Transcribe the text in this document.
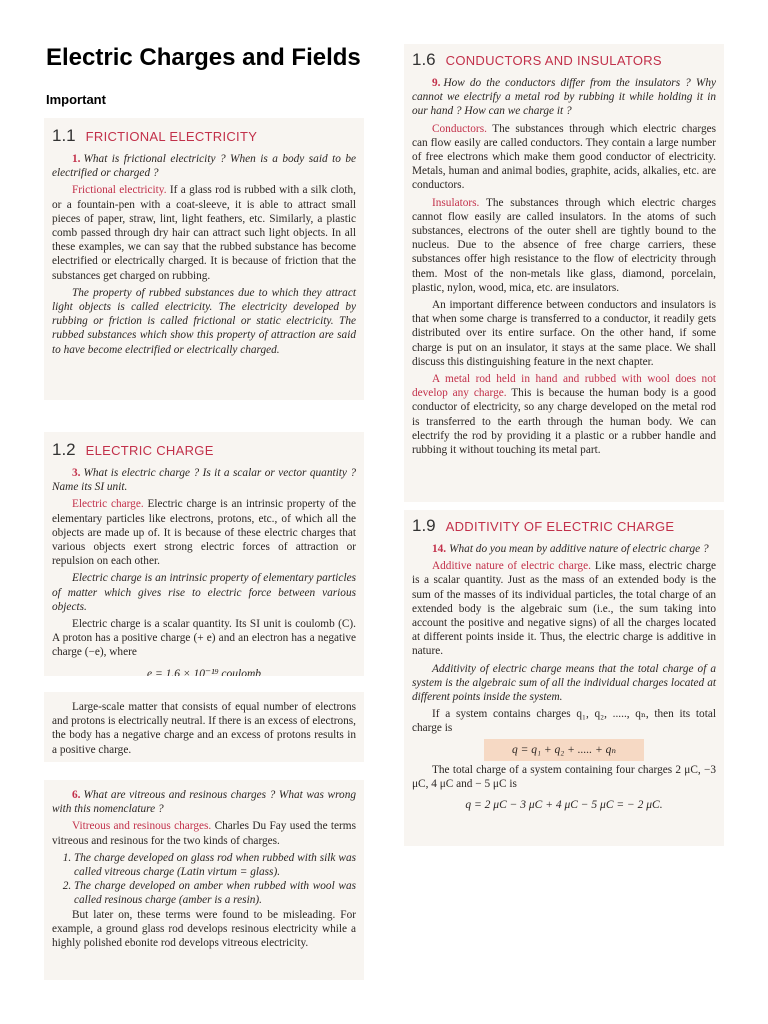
Electric Charges and Fields
Important
1.1 FRICTIONAL ELECTRICITY

1. What is frictional electricity ? When is a body said to be electrified or charged ?

Frictional electricity. If a glass rod is rubbed with a silk cloth, or a fountain-pen with a coat-sleeve, it is able to attract small pieces of paper, straw, lint, light feathers, etc. Similarly, a plastic comb passed through dry hair can attract such light objects. In all these examples, we can say that the rubbed substance has become electrified or electrically charged. It is because of friction that the substances get charged on rubbing.

The property of rubbed substances due to which they attract light objects is called electricity. The electricity developed by rubbing or friction is called frictional or static electricity. The rubbed substances which show this property of attraction are said to have become electrified or electrically charged.

1.2 ELECTRIC CHARGE

3. What is electric charge ? Is it a scalar or vector quantity ? Name its SI unit.

Electric charge. Electric charge is an intrinsic property of the elementary particles like electrons, protons, etc., of which all the objects are made up of. It is because of these electric charges that various objects exert strong electric forces of attraction or repulsion on each other.

Electric charge is an intrinsic property of elementary particles of matter which gives rise to electric force between various objects.

Electric charge is a scalar quantity. Its SI unit is coulomb (C). A proton has a positive charge (+ e) and an electron has a negative charge (−e), where

e = 1.6 × 10⁻¹⁹ coulomb

Large-scale matter that consists of equal number of electrons and protons is electrically neutral. If there is an excess of electrons, the body has a negative charge and an excess of protons results in a positive charge.

6. What are vitreous and resinous charges ? What was wrong with this nomenclature ?

Vitreous and resinous charges. Charles Du Fay used the terms vitreous and resinous for the two kinds of charges.

1. The charge developed on glass rod when rubbed with silk was called vitreous charge (Latin virtum = glass).
2. The charge developed on amber when rubbed with wool was called resinous charge (amber is a resin).

But later on, these terms were found to be misleading. For example, a ground glass rod develops resinous electricity while a highly polished ebonite rod develops vitreous electricity.

1.6 CONDUCTORS AND INSULATORS

9. How do the conductors differ from the insulators ? Why cannot we electrify a metal rod by rubbing it while holding it in our hand ? How can we charge it ?

Conductors. The substances through which electric charges can flow easily are called conductors. They contain a large number of free electrons which make them good conductor of electricity. Metals, human and animal bodies, graphite, acids, alkalies, etc. are conductors.

Insulators. The substances through which electric charges cannot flow easily are called insulators. In the atoms of such substances, electrons of the outer shell are tightly bound to the nucleus. Due to the absence of free charge carriers, these substances offer high resistance to the flow of electricity through them. Most of the non-metals like glass, diamond, porcelain, plastic, nylon, wood, mica, etc. are insulators.

An important difference between conductors and insulators is that when some charge is transferred to a conductor, it readily gets distributed over its entire surface. On the other hand, if some charge is put on an insulator, it stays at the same place. We shall discuss this distinguishing feature in the next chapter.

A metal rod held in hand and rubbed with wool does not develop any charge. This is because the human body is a good conductor of electricity, so any charge developed on the metal rod is transferred to the earth through the human body. We can electrify the rod by providing it a plastic or a rubber handle and rubbing it without touching its metal part.

1.9 ADDITIVITY OF ELECTRIC CHARGE

14. What do you mean by additive nature of electric charge ?

Additive nature of electric charge. Like mass, electric charge is a scalar quantity. Just as the mass of an extended body is the sum of the masses of its individual particles, the total charge of an extended body is the algebraic sum (i.e., the sum taking into account the positive and negative signs) of all the charges located at different points inside it. Thus, the electric charge is additive in nature.

Additivity of electric charge means that the total charge of a system is the algebraic sum of all the individual charges located at different points inside the system.

If a system contains charges q₁, q₂, ....., qₙ, then its total charge is

q = q₁ + q₂ + ..... + qₙ

The total charge of a system containing four charges 2 μC, −3 μC, 4 μC and − 5 μC is

q = 2 μC − 3 μC + 4 μC − 5 μC = − 2 μC.
